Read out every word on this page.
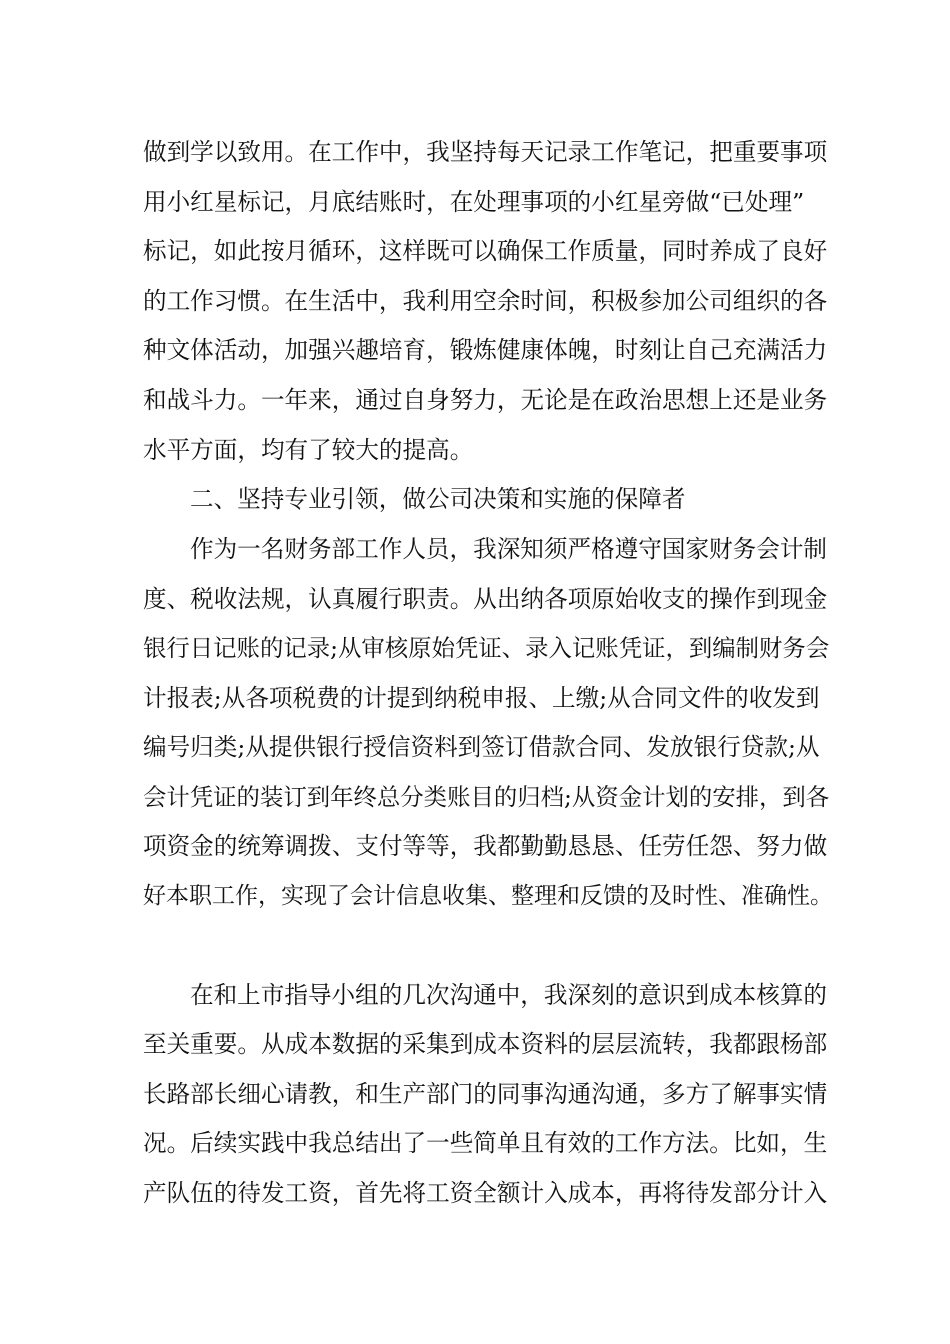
做到学以致用。在工作中，我坚持每天记录工作笔记，把重要事项

用小红星标记，月底结账时，在处理事项的小红星旁做“已处理”

标记，如此按月循环，这样既可以确保工作质量，同时养成了良好

的工作习惯。在生活中，我利用空余时间，积极参加公司组织的各

种文体活动，加强兴趣培育，锻炼健康体魄，时刻让自己充满活力

和战斗力。一年来，通过自身努力，无论是在政治思想上还是业务

水平方面，均有了较大的提高。

二、坚持专业引领，做公司决策和实施的保障者

作为一名财务部工作人员，我深知须严格遵守国家财务会计制

度、税收法规，认真履行职责。从出纳各项原始收支的操作到现金

银行日记账的记录;从审核原始凭证、录入记账凭证，到编制财务会

计报表;从各项税费的计提到纳税申报、上缴;从合同文件的收发到

编号归类;从提供银行授信资料到签订借款合同、发放银行贷款;从

会计凭证的装订到年终总分类账目的归档;从资金计划的安排，到各

项资金的统筹调拨、支付等等，我都勤勤恳恳、任劳任怨、努力做

好本职工作，实现了会计信息收集、整理和反馈的及时性、准确性。

在和上市指导小组的几次沟通中，我深刻的意识到成本核算的

至关重要。从成本数据的采集到成本资料的层层流转，我都跟杨部

长路部长细心请教，和生产部门的同事沟通沟通，多方了解事实情

况。后续实践中我总结出了一些简单且有效的工作方法。比如，生

产队伍的待发工资，首先将工资全额计入成本，再将待发部分计入
